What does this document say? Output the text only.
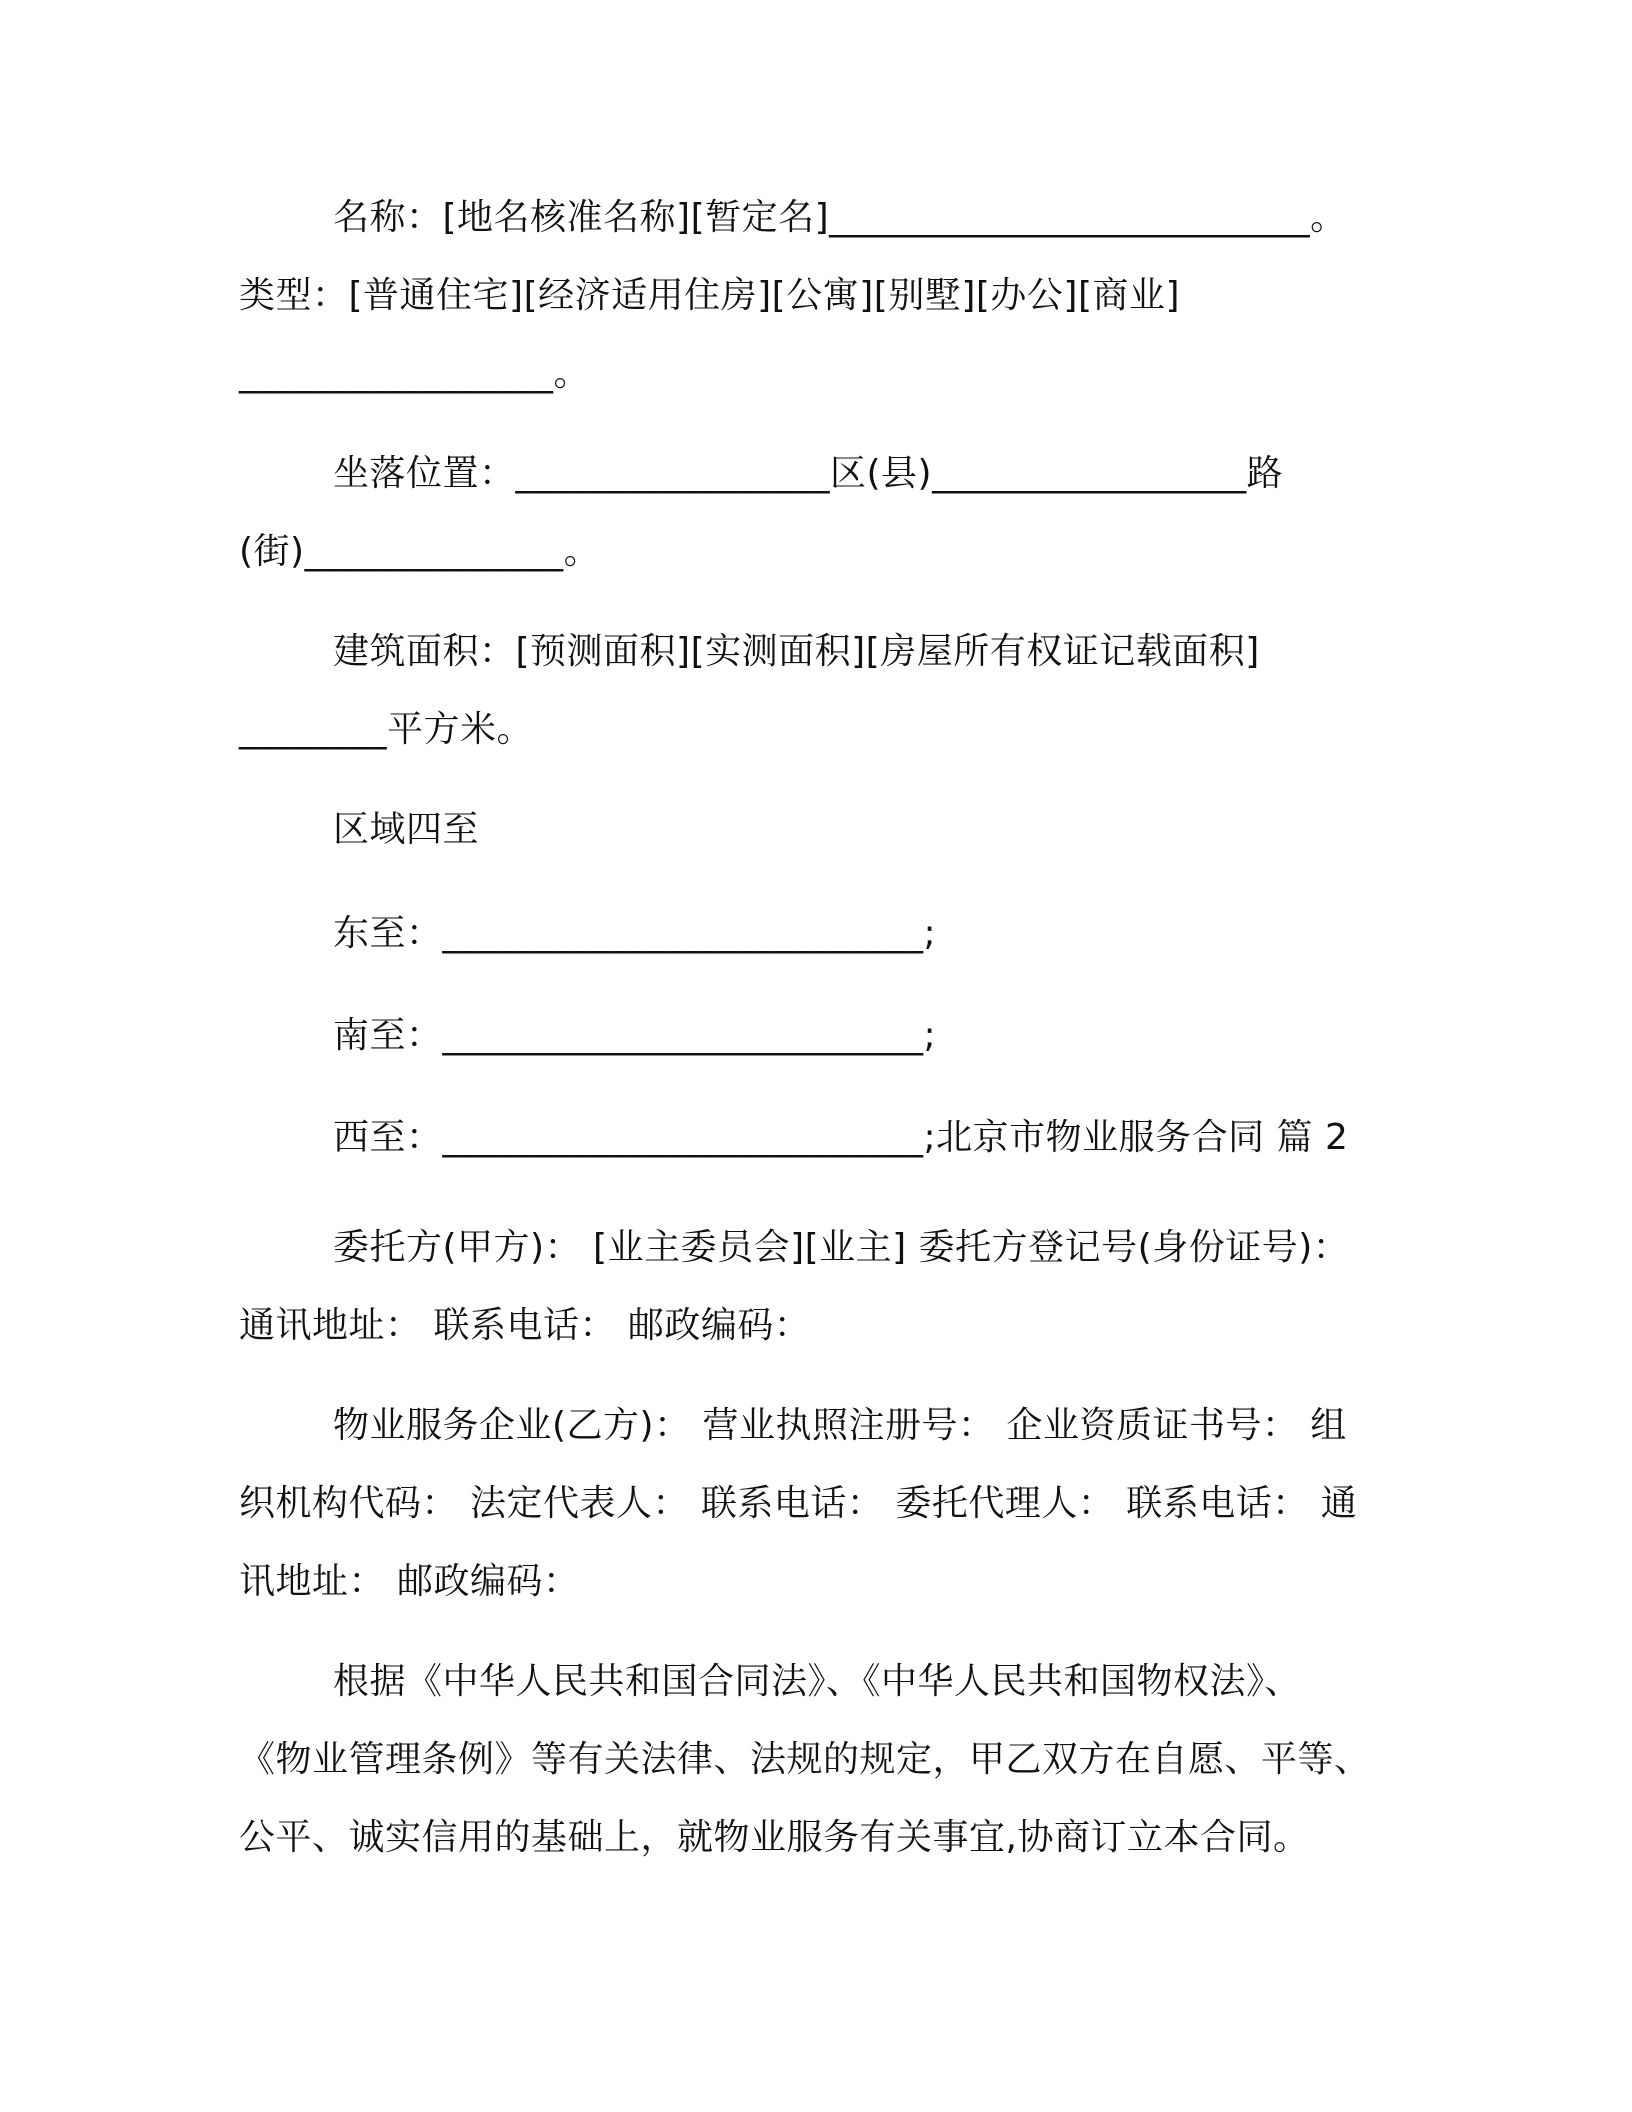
名称：[地名核准名称][暂定名]__________________________。
类型：[普通住宅][经济适用住房][公寓][别墅][办公][商业]
_________________。
坐落位置：_________________区(县)_________________路
(街)______________。
建筑面积：[预测面积][实测面积][房屋所有权证记载面积]
________平方米。
区域四至
东至：__________________________;
南至：__________________________;
西至：__________________________;北京市物业服务合同 篇 2
委托方(甲方)： [业主委员会][业主] 委托方登记号(身份证号)：
通讯地址： 联系电话： 邮政编码：
物业服务企业(乙方)： 营业执照注册号： 企业资质证书号： 组
织机构代码： 法定代表人： 联系电话： 委托代理人： 联系电话： 通
讯地址： 邮政编码：
根据《中华人民共和国合同法》、《中华人民共和国物权法》、
《物业管理条例》等有关法律、法规的规定，甲乙双方在自愿、平等、
公平、诚实信用的基础上，就物业服务有关事宜,协商订立本合同。
